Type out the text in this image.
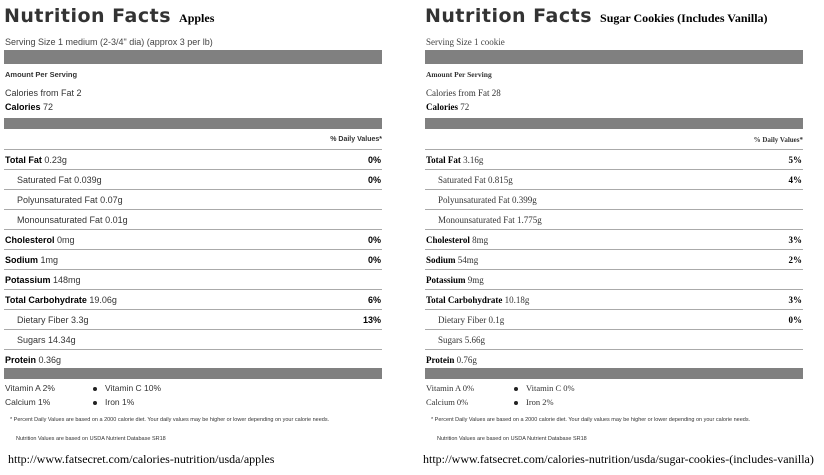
Nutrition Facts Apples
Serving Size 1 medium (2-3/4" dia) (approx 3 per lb)
Amount Per Serving
Calories from Fat 2
Calories 72
% Daily Values*
* Percent Daily Values are based on a 2000 calorie diet. Your daily values may be higher or lower depending on your calorie needs.
Nutrition Values are based on USDA Nutrient Database SR18
http://www.fatsecret.com/calories-nutrition/usda/apples
Total Fat 0.23g	0%
Saturated Fat 0.039g	0%
Polyunsaturated Fat 0.07g
Monounsaturated Fat 0.01g
Cholesterol 0mg	0%
Sodium 1mg	0%
Potassium 148mg
Total Carbohydrate 19.06g	6%
Dietary Fiber 3.3g	13%
Sugars 14.34g
Protein 0.36g
Vitamin A 2%	Vitamin C 10%
Calcium 1%	Iron 1%
Nutrition Facts Sugar Cookies (Includes Vanilla)
Serving Size 1 cookie
Amount Per Serving
Calories from Fat 28
Calories 72
% Daily Values*
* Percent Daily Values are based on a 2000 calorie diet. Your daily values may be higher or lower depending on your calorie needs.
Nutrition Values are based on USDA Nutrient Database SR18
http://www.fatsecret.com/calories-nutrition/usda/sugar-cookies-(includes-vanilla)
Total Fat 3.16g	5%
Saturated Fat 0.815g	4%
Polyunsaturated Fat 0.399g
Monounsaturated Fat 1.775g
Cholesterol 8mg	3%
Sodium 54mg	2%
Potassium 9mg
Total Carbohydrate 10.18g	3%
Dietary Fiber 0.1g	0%
Sugars 5.66g
Protein 0.76g
Vitamin A 0%	Vitamin C 0%
Calcium 0%	Iron 2%
